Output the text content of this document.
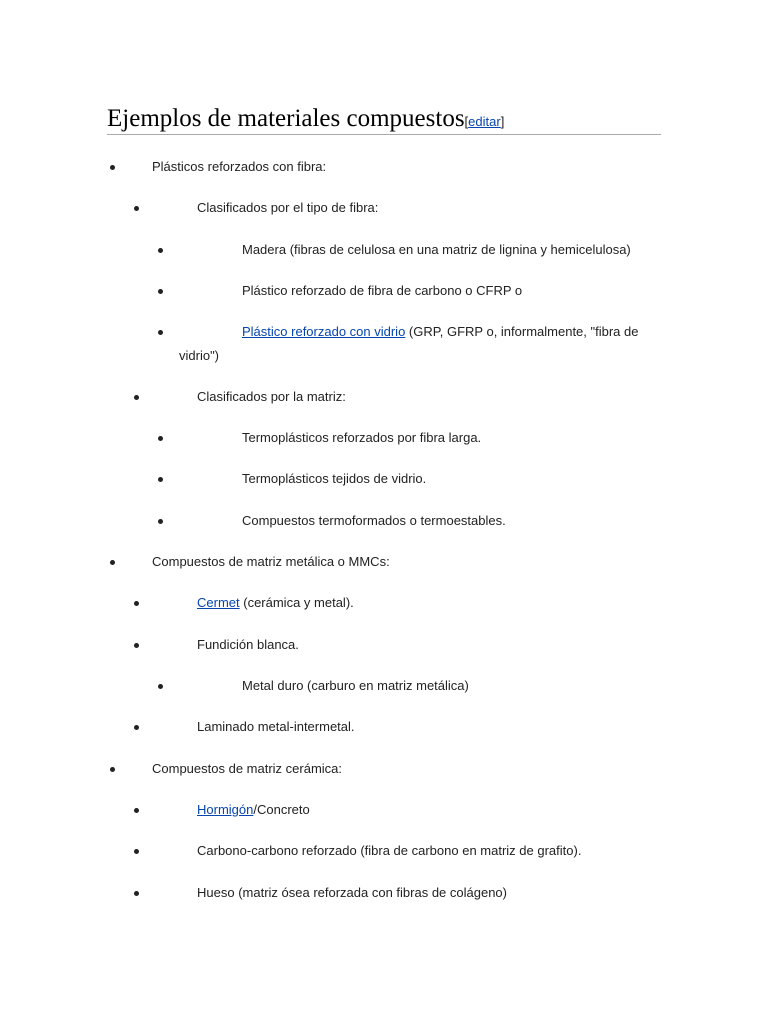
Ejemplos de materiales compuestos[editar]
Plásticos reforzados con fibra:
Clasificados por el tipo de fibra:
Madera (fibras de celulosa en una matriz de lignina y hemicelulosa)
Plástico reforzado de fibra de carbono o CFRP o
Plástico reforzado con vidrio (GRP, GFRP o, informalmente, "fibra de
vidrio")
Clasificados por la matriz:
Termoplásticos reforzados por fibra larga.
Termoplásticos tejidos de vidrio.
Compuestos termoformados o termoestables.
Compuestos de matriz metálica o MMCs:
Cermet (cerámica y metal).
Fundición blanca.
Metal duro (carburo en matriz metálica)
Laminado metal-intermetal.
Compuestos de matriz cerámica:
Hormigón/Concreto
Carbono-carbono reforzado (fibra de carbono en matriz de grafito).
Hueso (matriz ósea reforzada con fibras de colágeno)
